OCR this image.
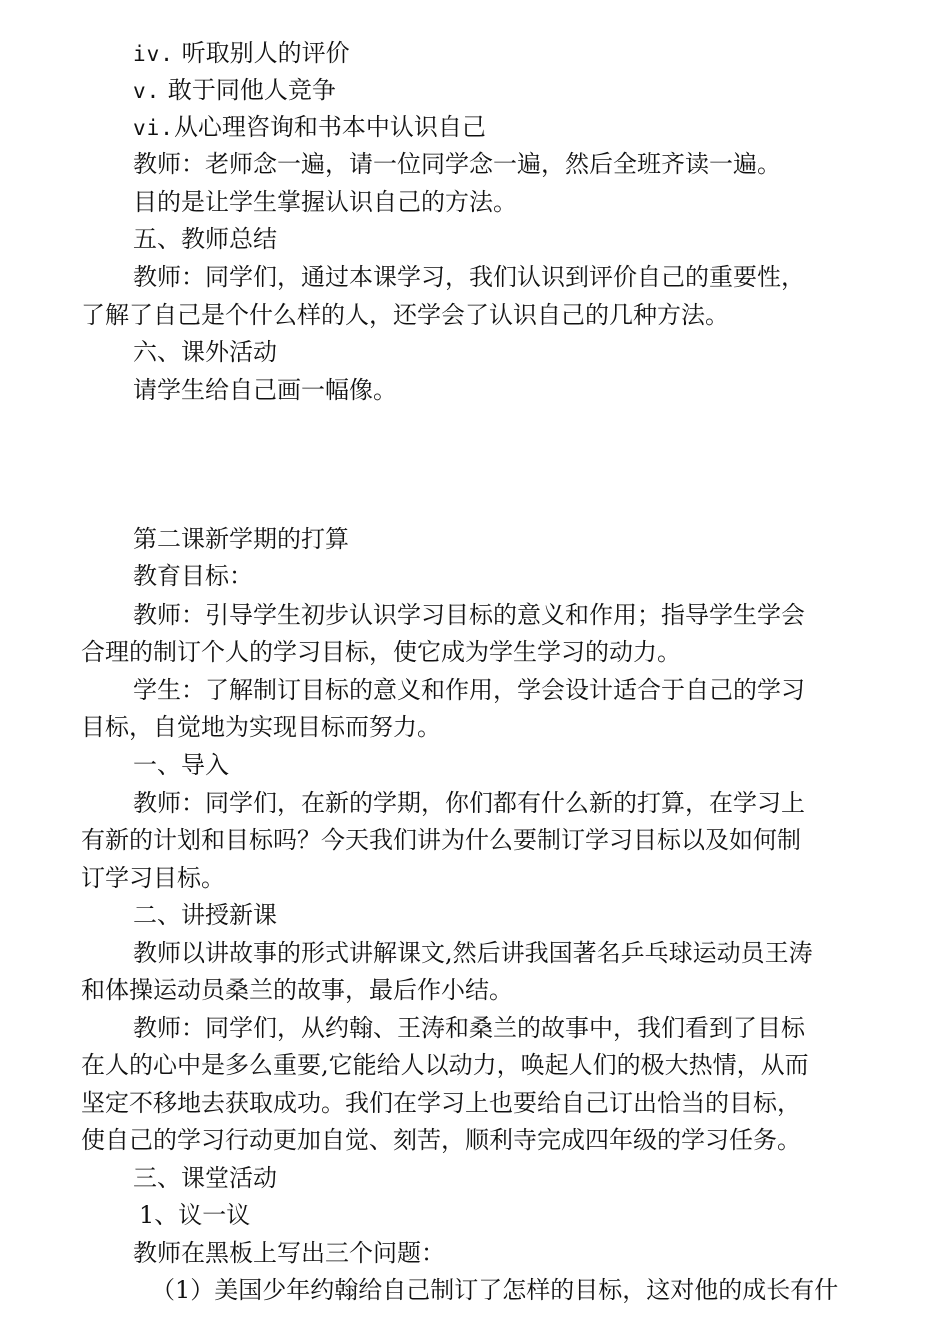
iv. 听取别人的评价
v. 敢于同他人竞争
vi.从心理咨询和书本中认识自己
教师：老师念一遍，请一位同学念一遍，然后全班齐读一遍。
目的是让学生掌握认识自己的方法。
五、教师总结
教师：同学们，通过本课学习，我们认识到评价自己的重要性，
了解了自己是个什么样的人，还学会了认识自己的几种方法。
六、课外活动
请学生给自己画一幅像。
第二课新学期的打算
教育目标：
教师：引导学生初步认识学习目标的意义和作用；指导学生学会
合理的制订个人的学习目标，使它成为学生学习的动力。
学生：了解制订目标的意义和作用，学会设计适合于自己的学习
目标，自觉地为实现目标而努力。
一、导入
教师：同学们，在新的学期，你们都有什么新的打算，在学习上
有新的计划和目标吗？今天我们讲为什么要制订学习目标以及如何制
订学习目标。
二、讲授新课
教师以讲故事的形式讲解课文,然后讲我国著名乒乓球运动员王涛
和体操运动员桑兰的故事，最后作小结。
教师：同学们，从约翰、王涛和桑兰的故事中，我们看到了目标
在人的心中是多么重要,它能给人以动力，唤起人们的极大热情，从而
坚定不移地去获取成功。我们在学习上也要给自己订出恰当的目标，
使自己的学习行动更加自觉、刻苦，顺利寺完成四年级的学习任务。
三、课堂活动
1、议一议
教师在黑板上写出三个问题：
（1）美国少年约翰给自己制订了怎样的目标，这对他的成长有什
